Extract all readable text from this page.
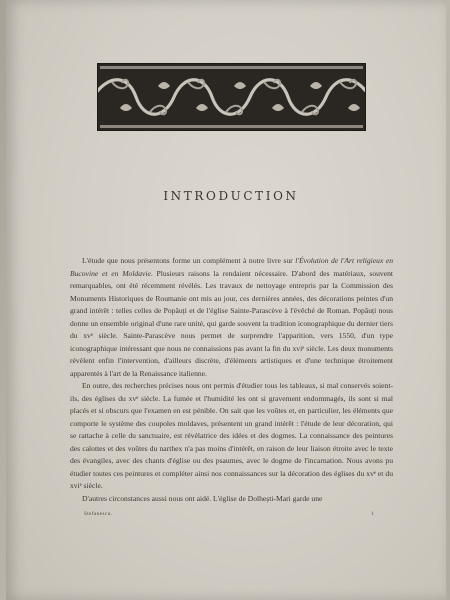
INTRODUCTION

L'étude que nous présentons forme un complément à notre livre sur l'Évolution de l'Art religieux en Bucovine et en Moldavie. Plusieurs raisons la rendaient nécessaire. D'abord des matériaux, souvent remarquables, ont été récemment révélés. Les travaux de nettoyage entrepris par la Commission des Monuments Historiques de Roumanie ont mis au jour, ces dernières années, des décorations peintes d'un grand intérêt : telles celles de Popăuți et de l'église Sainte-Parascève à l'évêché de Roman. Popăuți nous donne un ensemble original d'une rare unité, qui garde souvent la tradition iconographique du dernier tiers du xvᵉ siècle. Sainte-Parascève nous permet de surprendre l'apparition, vers 1550, d'un type iconographique intéressant que nous ne connaissions pas avant la fin du xviᵉ siècle. Les deux monuments révèlent enfin l'intervention, d'ailleurs discrète, d'éléments artistiques et d'une technique étroitement apparentés à l'art de la Renaissance italienne.

En outre, des recherches précises nous ont permis d'étudier tous les tableaux, si mal conservés soient-ils, des églises du xvᵉ siècle. La fumée et l'humidité les ont si gravement endommagés, ils sont si mal placés et si obscurs que l'examen en est pénible. On sait que les voûtes et, en particulier, les éléments que comporte le système des coupoles moldaves, présentent un grand intérêt : l'étude de leur décoration, qui se rattache à celle du sanctuaire, est révélatrice des idées et des dogmes. La connaissance des peintures des calottes et des voûtes du narthex n'a pas moins d'intérêt, en raison de leur liaison étroite avec le texte des évangiles, avec des chants d'église ou des psaumes, avec le dogme de l'incarnation. Nous avons pu étudier toutes ces peintures et compléter ainsi nos connaissances sur la décoration des églises du xvᵉ et du xviᵉ siècle.

D'autres circonstances aussi nous ont aidé. L'église de Dolhești-Mari garde une

Stefanescu.	1
